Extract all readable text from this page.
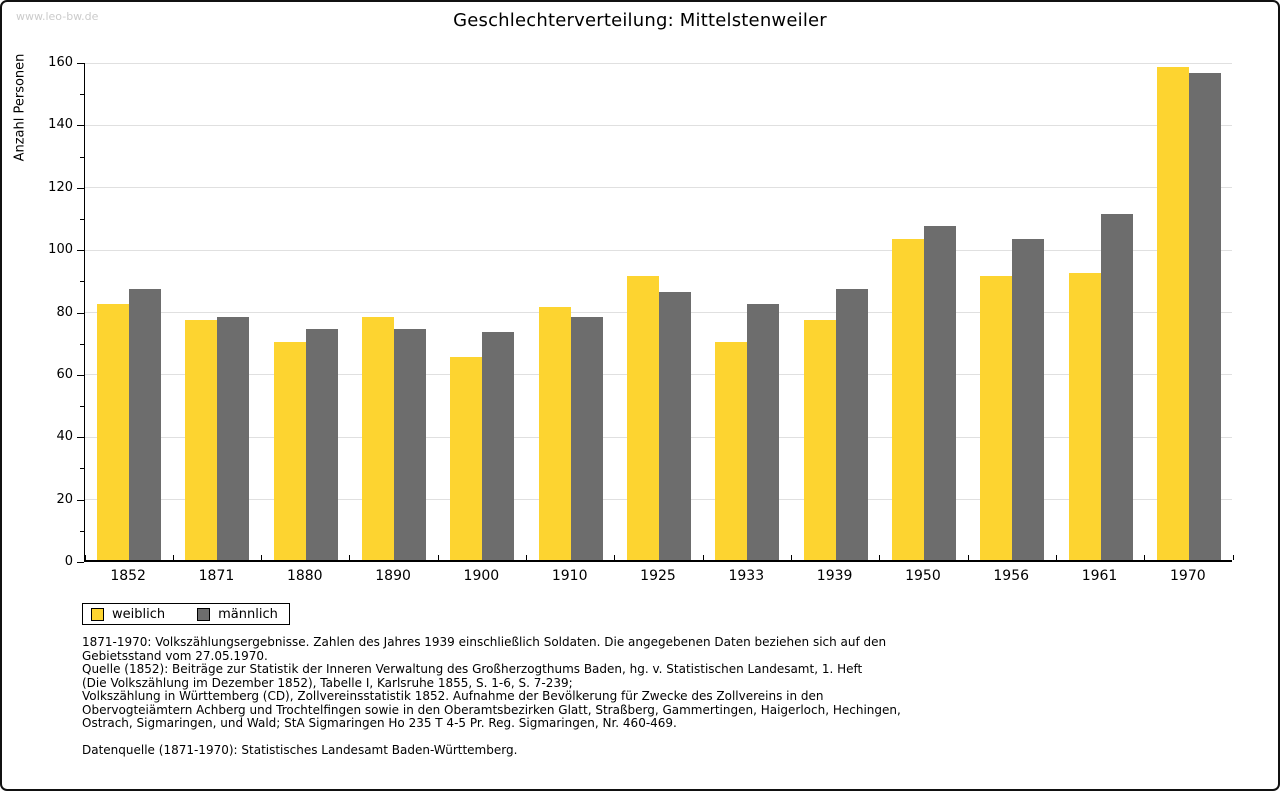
www.leo-bw.de	Geschlechterverteilung: Mittelstenweiler
Anzahl Personen
0
20
40
60
80
100
120
140
160
1852	1871	1880	1890	1900	1910	1925	1933	1939	1950	1956	1961	1970
weiblich	männlich
1871-1970: Volkszählungsergebnisse. Zahlen des Jahres 1939 einschließlich Soldaten. Die angegebenen Daten beziehen sich auf den
Gebietsstand vom 27.05.1970.
Quelle (1852): Beiträge zur Statistik der Inneren Verwaltung des Großherzogthums Baden, hg. v. Statistischen Landesamt, 1. Heft
(Die Volkszählung im Dezember 1852), Tabelle I, Karlsruhe 1855, S. 1-6, S. 7-239;
Volkszählung in Württemberg (CD), Zollvereinsstatistik 1852. Aufnahme der Bevölkerung für Zwecke des Zollvereins in den
Obervogteiämtern Achberg und Trochtelfingen sowie in den Oberamtsbezirken Glatt, Straßberg, Gammertingen, Haigerloch, Hechingen,
Ostrach, Sigmaringen, und Wald; StA Sigmaringen Ho 235 T 4-5 Pr. Reg. Sigmaringen, Nr. 460-469.
Datenquelle (1871-1970): Statistisches Landesamt Baden-Württemberg.
